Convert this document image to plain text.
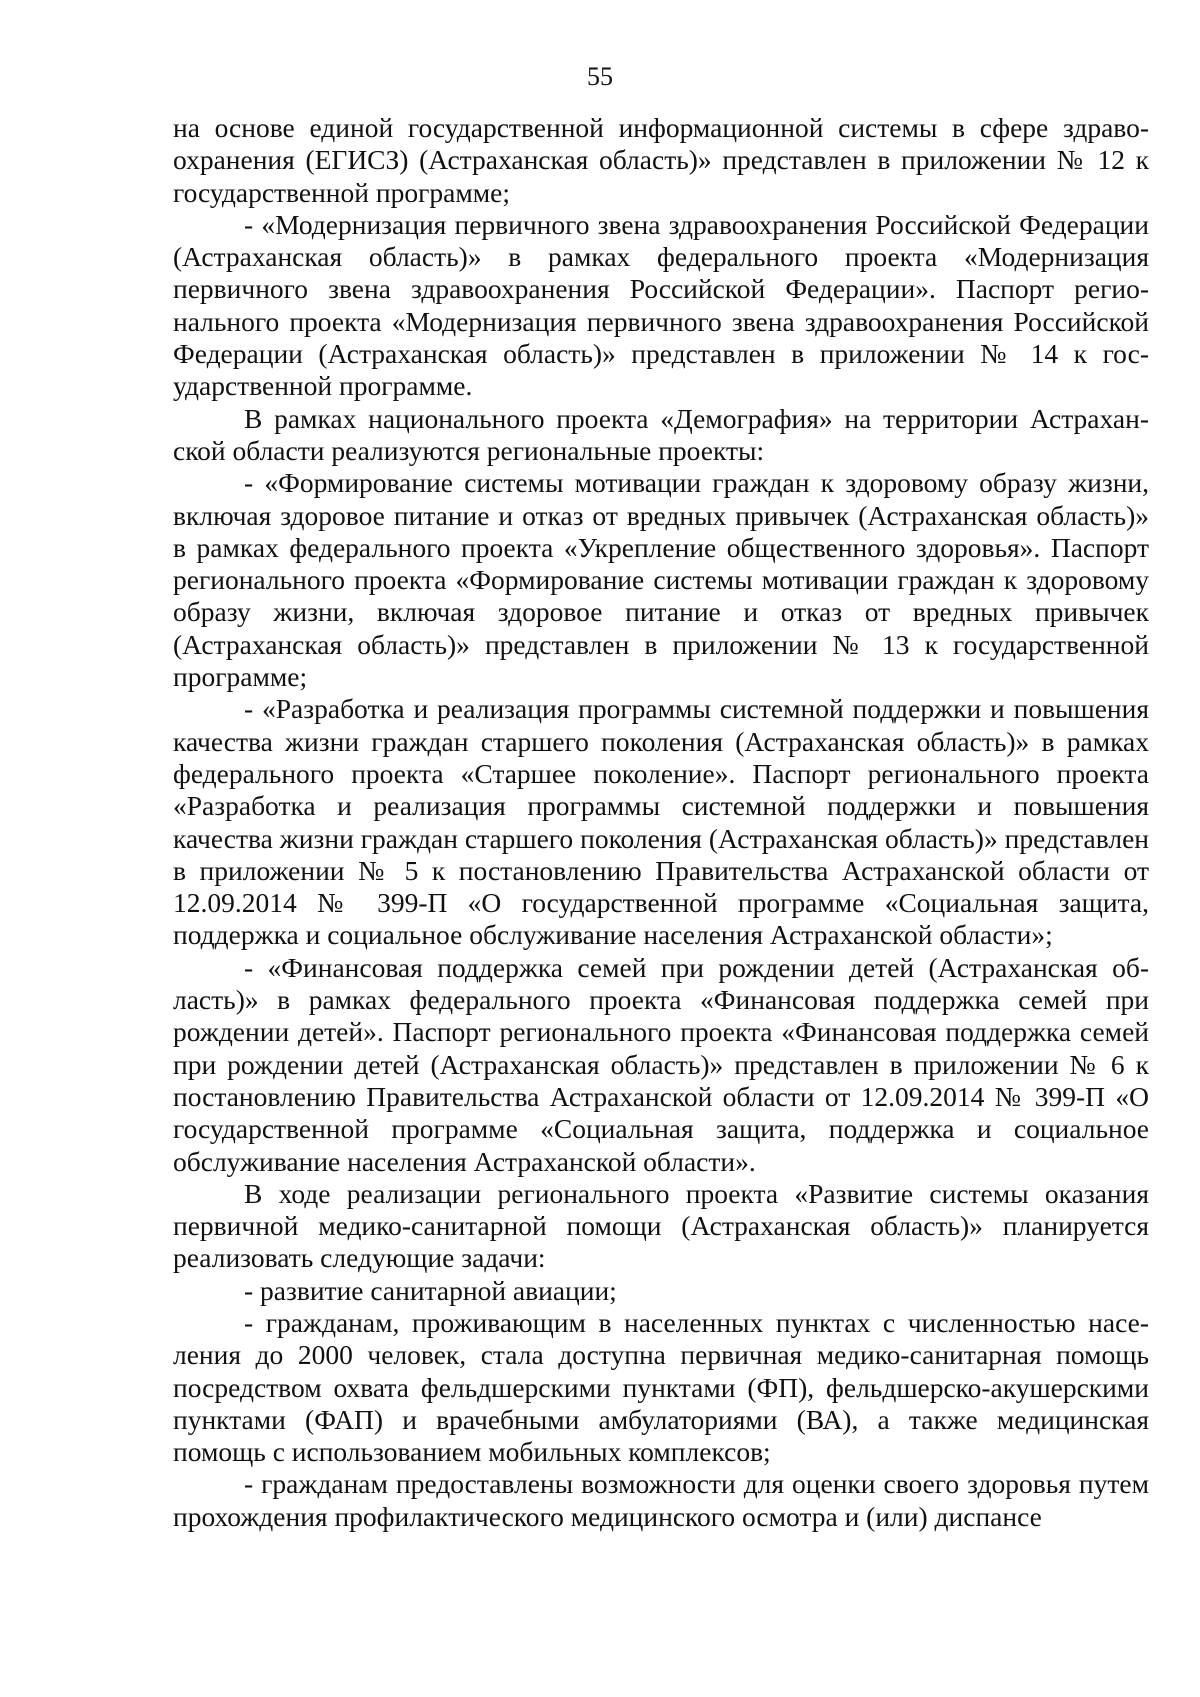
55

на основе единой государственной информационной системы в сфере здравоохранения (ЕГИСЗ) (Астраханская область)» представлен в приложении № 12 к государственной программе;

- «Модернизация первичного звена здравоохранения Российской Федерации (Астраханская область)» в рамках федерального проекта «Модернизация первичного звена здравоохранения Российской Федерации». Паспорт регионального проекта «Модернизация первичного звена здравоохранения Российской Федерации (Астраханская область)» представлен в приложении № 14 к государственной программе.

В рамках национального проекта «Демография» на территории Астраханской области реализуются региональные проекты:

- «Формирование системы мотивации граждан к здоровому образу жизни, включая здоровое питание и отказ от вредных привычек (Астраханская область)» в рамках федерального проекта «Укрепление общественного здоровья». Паспорт регионального проекта «Формирование системы мотивации граждан к здоровому образу жизни, включая здоровое питание и отказ от вредных привычек (Астраханская область)» представлен в приложении № 13 к государственной программе;

- «Разработка и реализация программы системной поддержки и повышения качества жизни граждан старшего поколения (Астраханская область)» в рамках федерального проекта «Старшее поколение». Паспорт регионального проекта «Разработка и реализация программы системной поддержки и повышения качества жизни граждан старшего поколения (Астраханская область)» представлен в приложении № 5 к постановлению Правительства Астраханской области от 12.09.2014 № 399-П «О государственной программе «Социальная защита, поддержка и социальное обслуживание населения Астраханской области»;

- «Финансовая поддержка семей при рождении детей (Астраханская область)» в рамках федерального проекта «Финансовая поддержка семей при рождении детей». Паспорт регионального проекта «Финансовая поддержка семей при рождении детей (Астраханская область)» представлен в приложении № 6 к постановлению Правительства Астраханской области от 12.09.2014 № 399-П «О государственной программе «Социальная защита, поддержка и социальное обслуживание населения Астраханской области».

В ходе реализации регионального проекта «Развитие системы оказания первичной медико-санитарной помощи (Астраханская область)» планируется реализовать следующие задачи:

- развитие санитарной авиации;

- гражданам, проживающим в населенных пунктах с численностью населения до 2000 человек, стала доступна первичная медико-санитарная помощь посредством охвата фельдшерскими пунктами (ФП), фельдшерско-акушерскими пунктами (ФАП) и врачебными амбулаториями (ВА), а также медицинская помощь с использованием мобильных комплексов;

- гражданам предоставлены возможности для оценки своего здоровья путем прохождения профилактического медицинского осмотра и (или) диспансе
